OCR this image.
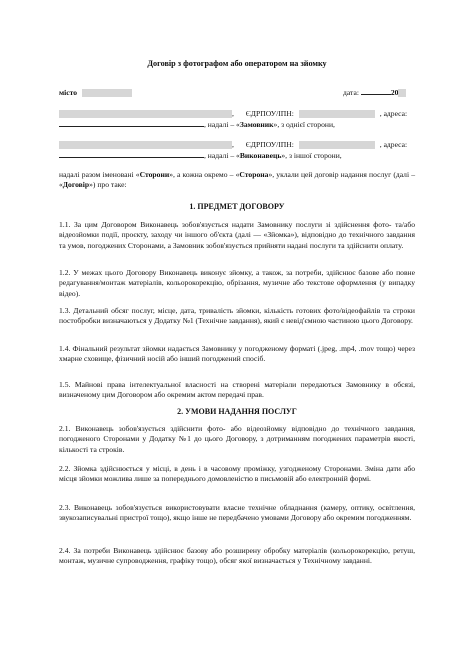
Договір з фотографом або оператором на зйомку
місто	дата:	20
, ЄДРПОУ/ІПН:	, адреса:
, надалі – «Замовник», з однієї сторони,
, ЄДРПОУ/ІПН:	, адреса:
, надалі – «Виконавець», з іншої сторони,
надалі разом іменовані «Сторони», а кожна окремо – «Сторона», уклали цей договір надання послуг (далі – «Договір») про таке:
1. ПРЕДМЕТ ДОГОВОРУ
1.1. За цим Договором Виконавець зобов'язується надати Замовнику послуги зі здійснення фото- та/або відеозйомки події, проєкту, заходу чи іншого об'єкта (далі — «Зйомка»), відповідно до технічного завдання та умов, погоджених Сторонами, а Замовник зобов'язується прийняти надані послуги та здійснити оплату.
1.2. У межах цього Договору Виконавець виконує зйомку, а також, за потреби, здійснює базове або повне редагування/монтаж матеріалів, кольорокорекцію, обрізання, музичне або текстове оформлення (у випадку відео).
1.3. Детальний обсяг послуг, місце, дата, тривалість зйомки, кількість готових фото/відеофайлів та строки постобробки визначаються у Додатку №1 (Технічне завдання), який є невід'ємною частиною цього Договору.
1.4. Фінальний результат зйомки надається Замовнику у погодженому форматі (.jpeg, .mp4, .mov тощо) через хмарне сховище, фізичний носій або інший погоджений спосіб.
1.5. Майнові права інтелектуальної власності на створені матеріали передаються Замовнику в обсязі, визначеному цим Договором або окремим актом передачі прав.
2. УМОВИ НАДАННЯ ПОСЛУГ
2.1. Виконавець зобов'язується здійснити фото- або відеозйомку відповідно до технічного завдання, погодженого Сторонами у Додатку №1 до цього Договору, з дотриманням погоджених параметрів якості, кількості та строків.
2.2. Зйомка здійснюється у місці, в день і в часовому проміжку, узгодженому Сторонами. Зміна дати або місця зйомки можлива лише за попереднього домовленістю в письмовій або електронній формі.
2.3. Виконавець зобов'язується використовувати власне технічне обладнання (камеру, оптику, освітлення, звукозаписувальні пристрої тощо), якщо інше не передбачено умовами Договору або окремим погодженням.
2.4. За потреби Виконавець здійснює базову або розширену обробку матеріалів (кольорокорекцію, ретуш, монтаж, музичне супроводження, графіку тощо), обсяг якої визначається у Технічному завданні.
